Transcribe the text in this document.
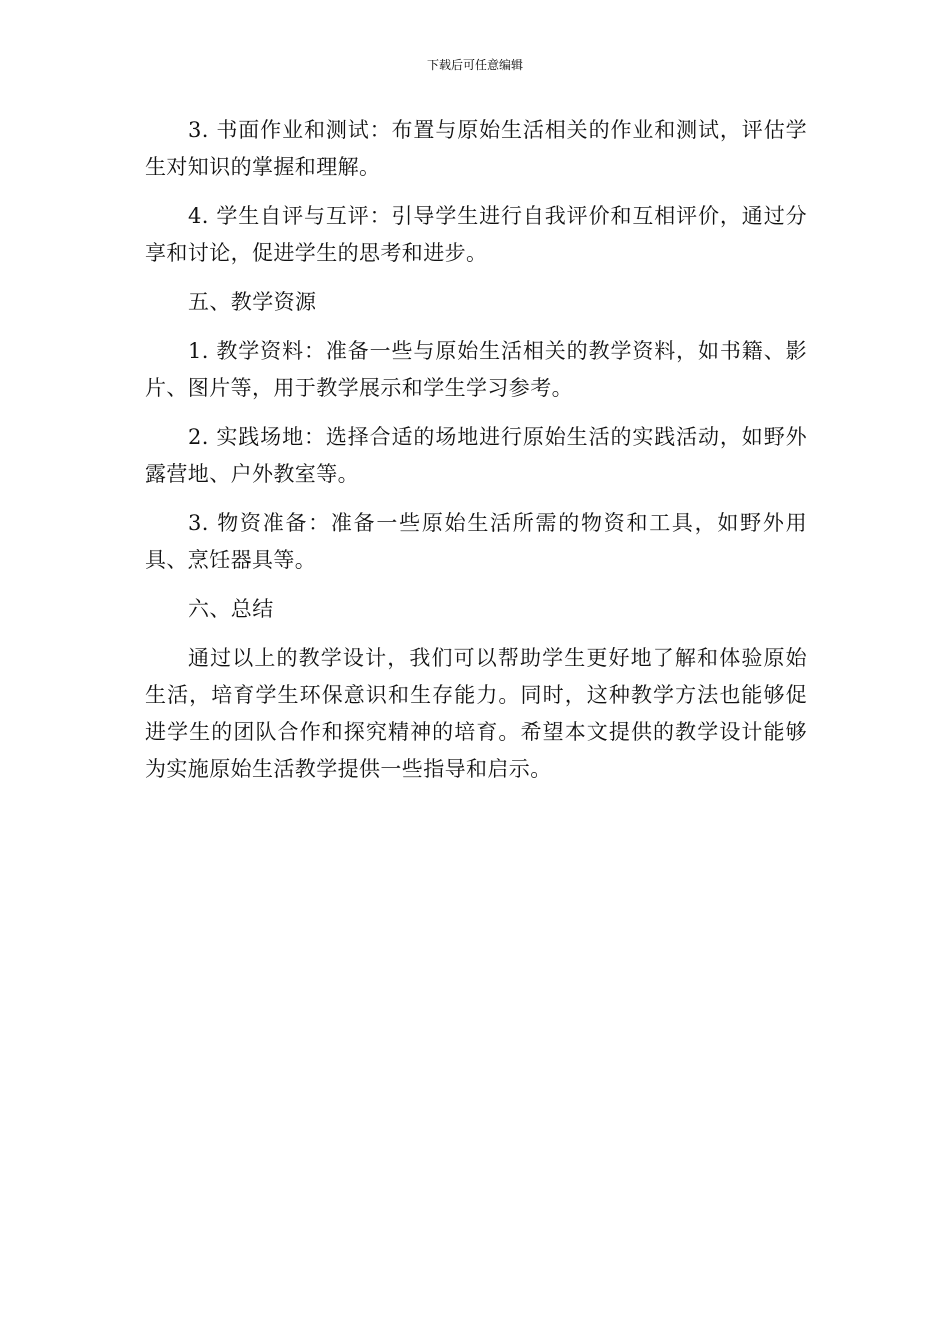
下载后可任意编辑

3. 书面作业和测试：布置与原始生活相关的作业和测试，评估学生对知识的掌握和理解。

4. 学生自评与互评：引导学生进行自我评价和互相评价，通过分享和讨论，促进学生的思考和进步。

五、教学资源

1. 教学资料：准备一些与原始生活相关的教学资料，如书籍、影片、图片等，用于教学展示和学生学习参考。

2. 实践场地：选择合适的场地进行原始生活的实践活动，如野外露营地、户外教室等。

3. 物资准备：准备一些原始生活所需的物资和工具，如野外用具、烹饪器具等。

六、总结

通过以上的教学设计，我们可以帮助学生更好地了解和体验原始生活，培育学生环保意识和生存能力。同时，这种教学方法也能够促进学生的团队合作和探究精神的培育。希望本文提供的教学设计能够为实施原始生活教学提供一些指导和启示。
